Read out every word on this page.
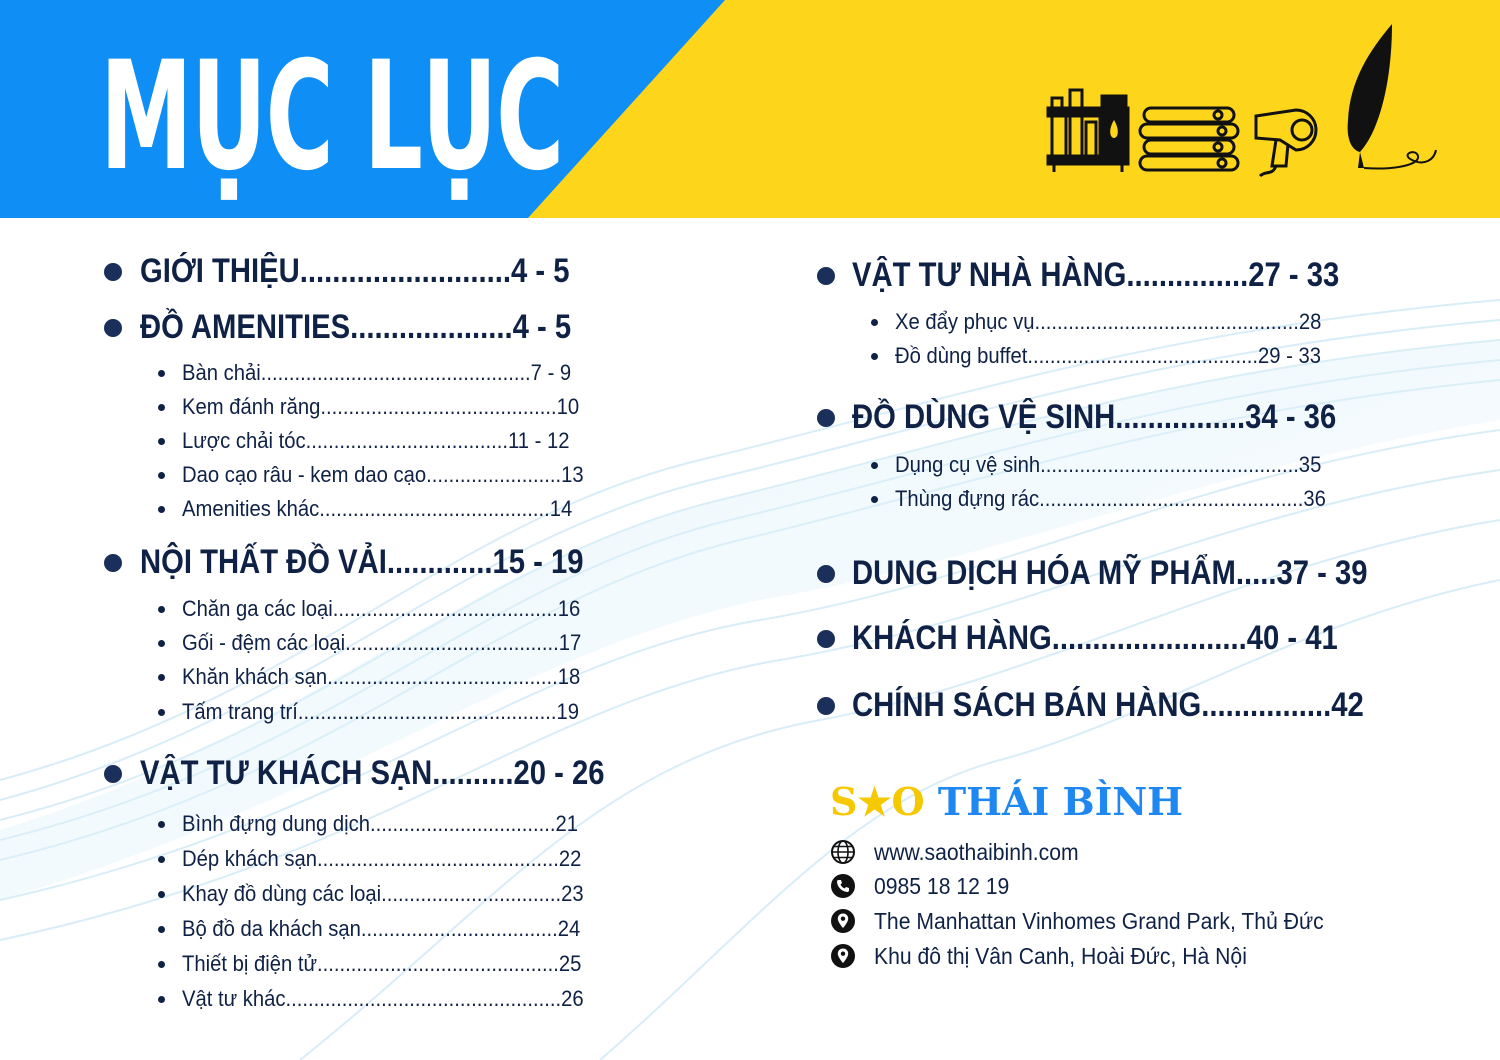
MỤC LỤC
GIỚI THIỆU..........................4 - 5
ĐỒ AMENITIES....................4 - 5
Bàn chải................................................7 - 9
Kem đánh răng..........................................10
Lược chải tóc....................................11 - 12
Dao cạo râu - kem dao cạo........................13
Amenities khác.........................................14
NỘI THẤT ĐỒ VẢI.............15 - 19
Chăn ga các loại........................................16
Gối - đệm các loại......................................17
Khăn khách sạn.........................................18
Tấm trang trí..............................................19
VẬT TƯ KHÁCH SẠN..........20 - 26
Bình đựng dung dịch.................................21
Dép khách sạn...........................................22
Khay đồ dùng các loại................................23
Bộ đồ da khách sạn...................................24
Thiết bị điện tử...........................................25
Vật tư khác.................................................26
VẬT TƯ NHÀ HÀNG...............27 - 33
Xe đẩy phục vụ...............................................28
Đồ dùng buffet.........................................29 - 33
ĐỒ DÙNG VỆ SINH................34 - 36
Dụng cụ vệ sinh..............................................35
Thùng đựng rác...............................................36
DUNG DỊCH HÓA MỸ PHẨM.....37 - 39
KHÁCH HÀNG........................40 - 41
CHÍNH SÁCH BÁN HÀNG................42
S★O THÁI BÌNH
www.saothaibinh.com
0985 18 12 19
The Manhattan Vinhomes Grand Park, Thủ Đức
Khu đô thị Vân Canh, Hoài Đức, Hà Nội
